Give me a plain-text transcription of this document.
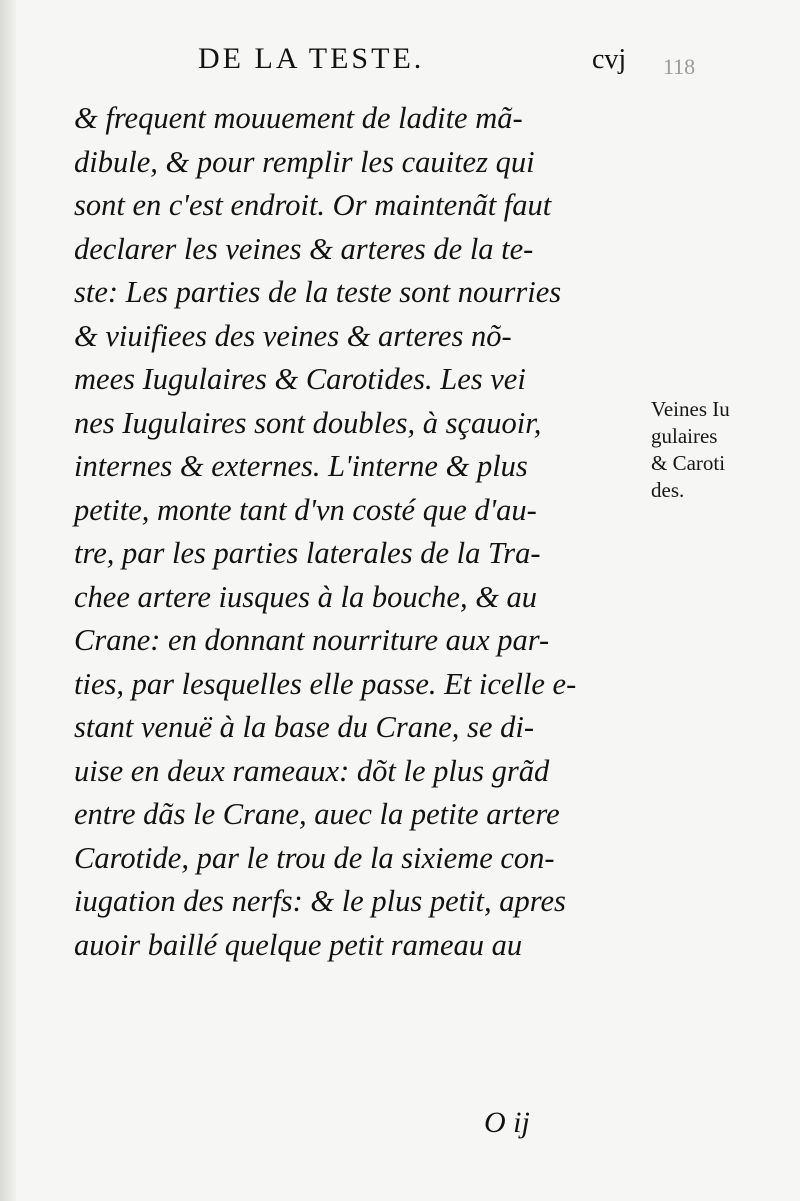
DE LA TESTE.	cvj 118
& frequent mouuement de ladite mã-
dibule, & pour remplir les cauitez qui
sont en c'est endroit. Or maintenãt faut
declarer les veines & arteres de la te-
ste: Les parties de la teste sont nourries
& viuifiees des veines & arteres nõ-
mees Iugulaires & Carotides. Les vei
nes Iugulaires sont doubles, à sçauoir,
internes & externes. L'interne & plus
petite, monte tant d'vn costé que d'au-
tre, par les parties laterales de la Tra-
chee artere iusques à la bouche, & au
Crane: en donnant nourriture aux par-
ties, par lesquelles elle passe. Et icelle e-
stant venuë à la base du Crane, se di-
uise en deux rameaux: dõt le plus grãd
entre dãs le Crane, auec la petite artere
Carotide, par le trou de la sixieme con-
iugation des nerfs: & le plus petit, apres
auoir baillé quelque petit rameau au
Veines Iu
gulaires
& Caroti
des.
O ij
